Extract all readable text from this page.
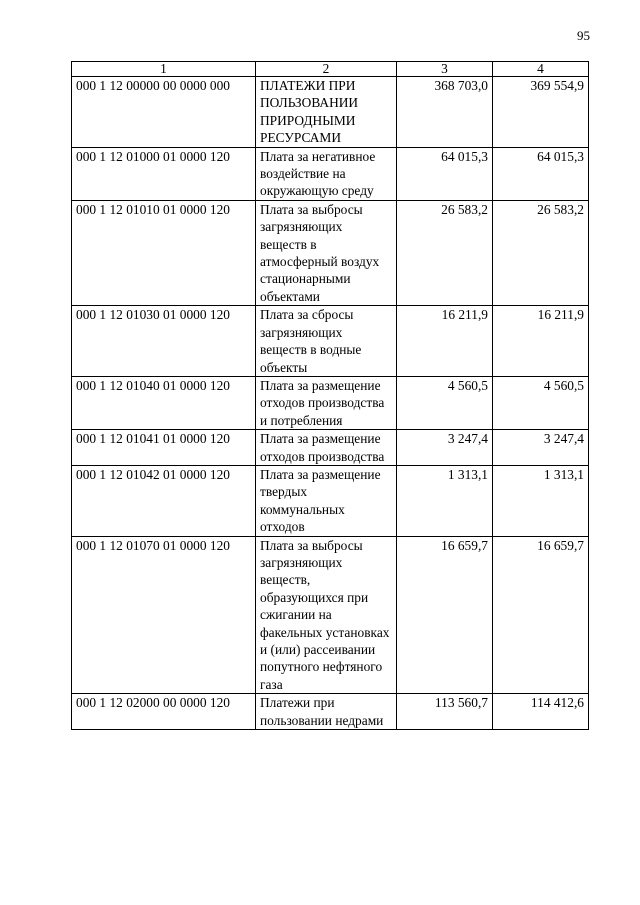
95
1	2	3	4
000 1 12 00000 00 0000 000	ПЛАТЕЖИ ПРИ ПОЛЬЗОВАНИИ ПРИРОДНЫМИ РЕСУРСАМИ	368 703,0	369 554,9
000 1 12 01000 01 0000 120	Плата за негативное воздействие на окружающую среду	64 015,3	64 015,3
000 1 12 01010 01 0000 120	Плата за выбросы загрязняющих веществ в атмосферный воздух стационарными объектами	26 583,2	26 583,2
000 1 12 01030 01 0000 120	Плата за сбросы загрязняющих веществ в водные объекты	16 211,9	16 211,9
000 1 12 01040 01 0000 120	Плата за размещение отходов производства и потребления	4 560,5	4 560,5
000 1 12 01041 01 0000 120	Плата за размещение отходов производства	3 247,4	3 247,4
000 1 12 01042 01 0000 120	Плата за размещение твердых коммунальных отходов	1 313,1	1 313,1
000 1 12 01070 01 0000 120	Плата за выбросы загрязняющих веществ, образующихся при сжигании на факельных установках и (или) рассеивании попутного нефтяного газа	16 659,7	16 659,7
000 1 12 02000 00 0000 120	Платежи при пользовании недрами	113 560,7	114 412,6
